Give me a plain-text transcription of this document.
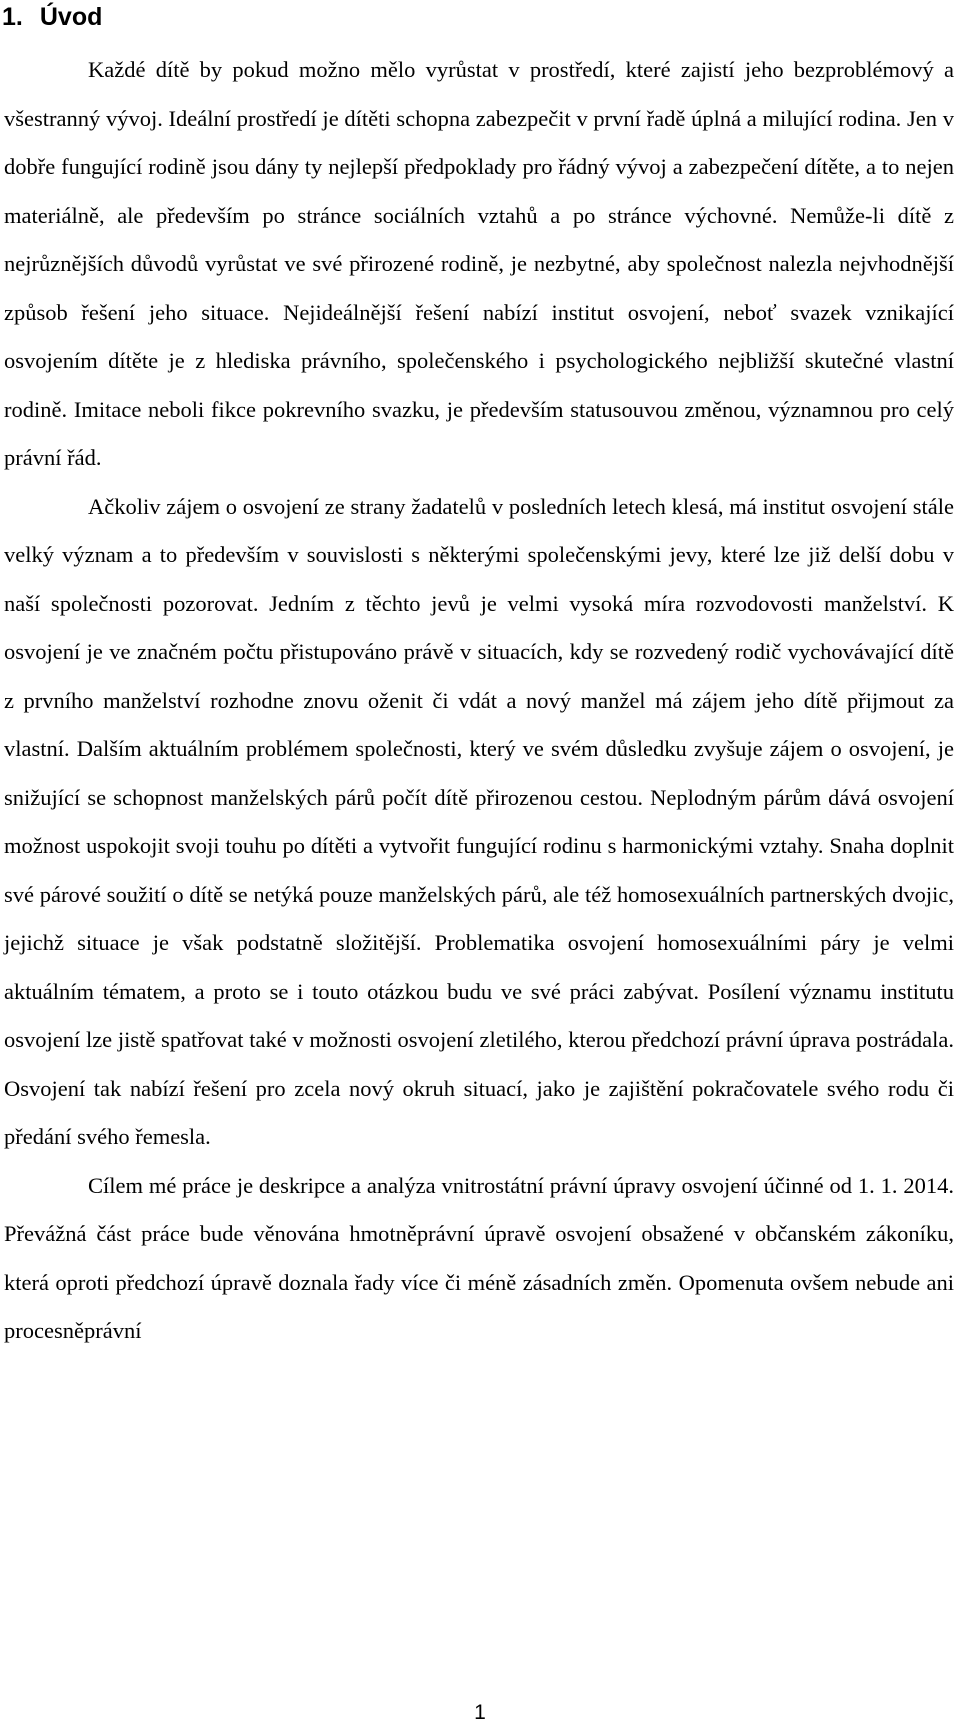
1. Úvod

Každé dítě by pokud možno mělo vyrůstat v prostředí, které zajistí jeho bezproblémový a všestranný vývoj. Ideální prostředí je dítěti schopna zabezpečit v první řadě úplná a milující rodina. Jen v dobře fungující rodině jsou dány ty nejlepší předpoklady pro řádný vývoj a zabezpečení dítěte, a to nejen materiálně, ale především po stránce sociálních vztahů a po stránce výchovné. Nemůže-li dítě z nejrůznějších důvodů vyrůstat ve své přirozené rodině, je nezbytné, aby společnost nalezla nejvhodnější způsob řešení jeho situace. Nejideálnější řešení nabízí institut osvojení, neboť svazek vznikající osvojením dítěte je z hlediska právního, společenského i psychologického nejbližší skutečné vlastní rodině. Imitace neboli fikce pokrevního svazku, je především statusouvou změnou, významnou pro celý právní řád.

Ačkoliv zájem o osvojení ze strany žadatelů v posledních letech klesá, má institut osvojení stále velký význam a to především v souvislosti s některými společenskými jevy, které lze již delší dobu v naší společnosti pozorovat. Jedním z těchto jevů je velmi vysoká míra rozvodovosti manželství. K osvojení je ve značném počtu přistupováno právě v situacích, kdy se rozvedený rodič vychovávající dítě z prvního manželství rozhodne znovu oženit či vdát a nový manžel má zájem jeho dítě přijmout za vlastní. Dalším aktuálním problémem společnosti, který ve svém důsledku zvyšuje zájem o osvojení, je snižující se schopnost manželských párů počít dítě přirozenou cestou. Neplodným párům dává osvojení možnost uspokojit svoji touhu po dítěti a vytvořit fungující rodinu s harmonickými vztahy. Snaha doplnit své párové soužití o dítě se netýká pouze manželských párů, ale též homosexuálních partnerských dvojic, jejichž situace je však podstatně složitější. Problematika osvojení homosexuálními páry je velmi aktuálním tématem, a proto se i touto otázkou budu ve své práci zabývat. Posílení významu institutu osvojení lze jistě spatřovat také v možnosti osvojení zletilého, kterou předchozí právní úprava postrádala. Osvojení tak nabízí řešení pro zcela nový okruh situací, jako je zajištění pokračovatele svého rodu či předání svého řemesla.

Cílem mé práce je deskripce a analýza vnitrostátní právní úpravy osvojení účinné od 1. 1. 2014. Převážná část práce bude věnována hmotněprávní úpravě osvojení obsažené v občanském zákoníku, která oproti předchozí úpravě doznala řady více či méně zásadních změn. Opomenuta ovšem nebude ani procesněprávní

1
